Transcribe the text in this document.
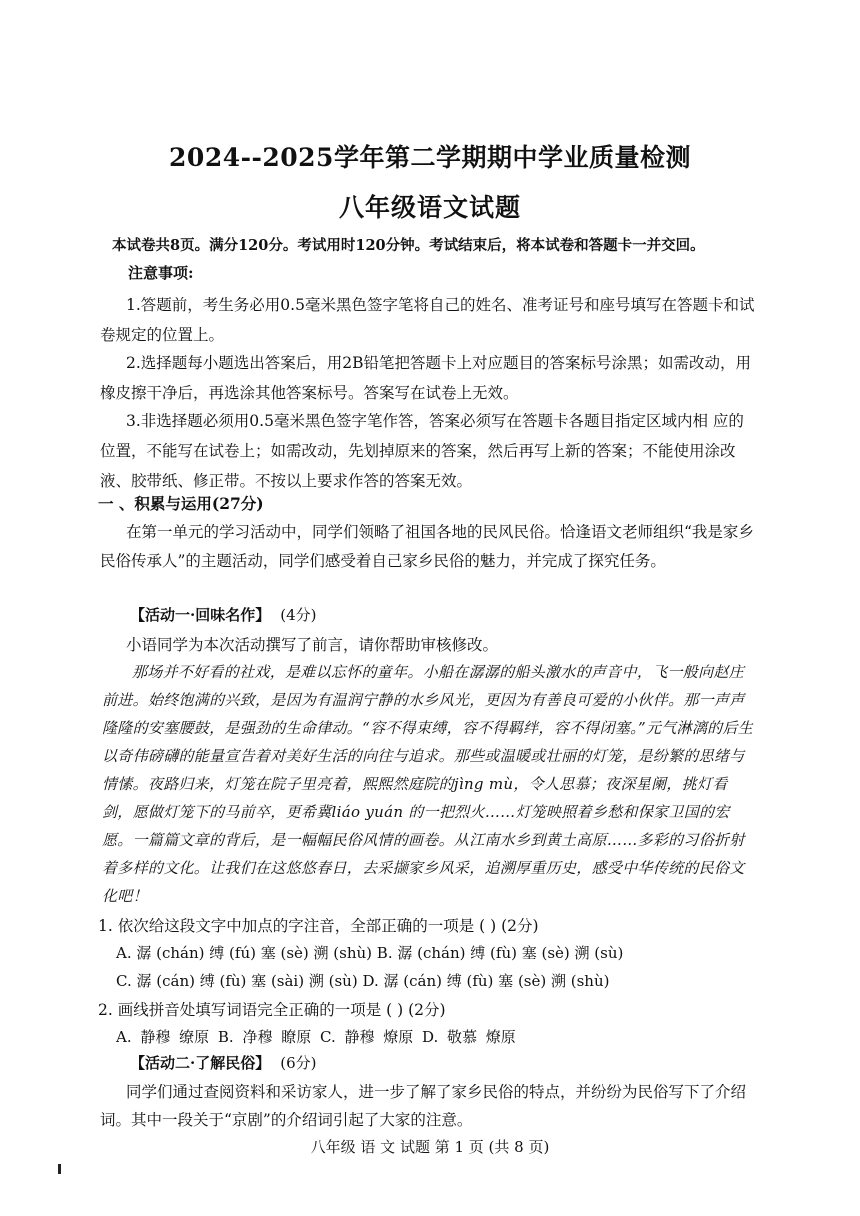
2024--2025学年第二学期期中学业质量检测
八年级语文试题
本试卷共8页。满分120分。考试用时120分钟。考试结束后，将本试卷和答题卡一并交回。
注意事项:
1.答题前，考生务必用0.5毫米黑色签字笔将自己的姓名、准考证号和座号填写在答题卡和试卷规定的位置上。
2.选择题每小题选出答案后，用2B铅笔把答题卡上对应题目的答案标号涂黑；如需改动，用橡皮擦干净后，再选涂其他答案标号。答案写在试卷上无效。
3.非选择题必须用0.5毫米黑色签字笔作答，答案必须写在答题卡各题目指定区域内相 应的位置，不能写在试卷上；如需改动，先划掉原来的答案，然后再写上新的答案；不能使用涂改液、胶带纸、修正带。不按以上要求作答的答案无效。
一 、积累与运用(27分)
在第一单元的学习活动中，同学们领略了祖国各地的民风民俗。恰逢语文老师组织“我是家乡民俗传承人”的主题活动，同学们感受着自己家乡民俗的魅力，并完成了探究任务。
【活动一·回味名作】 (4分)
小语同学为本次活动撰写了前言，请你帮助审核修改。
那场并不好看的社戏，是难以忘怀的童年。小船在潺潺的船头激水的声音中，飞一般向赵庄前进。始终饱满的兴致，是因为有温润宁静的水乡风光，更因为有善良可爱的小伙伴。那一声声隆隆的安塞腰鼓，是强劲的生命律动。“容不得束缚，容不得羁绊，容不得闭塞。”元气淋漓的后生以奇伟磅礴的能量宣告着对美好生活的向往与追求。那些或温暖或壮丽的灯笼，是纷繁的思绪与情愫。夜路归来，灯笼在院子里亮着，熙熙然庭院的jìng mù，令人思慕；夜深星阑，挑灯看剑，愿做灯笼下的马前卒，更希冀liáo yuán 的一把烈火……灯笼映照着乡愁和保家卫国的宏愿。一篇篇文章的背后，是一幅幅民俗风情的画卷。从江南水乡到黄土高原……多彩的习俗折射着多样的文化。让我们在这悠悠春日，去采撷家乡风采，追溯厚重历史，感受中华传统的民俗文化吧！
1. 依次给这段文字中加点的字注音，全部正确的一项是 ( ) (2分)
A. 潺 (chán) 缚 (fú) 塞 (sè) 溯 (shù) B. 潺 (chán) 缚 (fù) 塞 (sè) 溯 (sù)
C. 潺 (cán) 缚 (fù) 塞 (sài) 溯 (sù) D. 潺 (cán) 缚 (fù) 塞 (sè) 溯 (shù)
2. 画线拼音处填写词语完全正确的一项是 ( ) (2分)
A. 静穆 缭原 B. 净穆 瞭原 C. 静穆 燎原 D. 敬慕 燎原
【活动二·了解民俗】 (6分)
同学们通过查阅资料和采访家人，进一步了解了家乡民俗的特点，并纷纷为民俗写下了介绍词。其中一段关于“京剧”的介绍词引起了大家的注意。
八年级 语 文 试题 第 1 页 (共 8 页)
